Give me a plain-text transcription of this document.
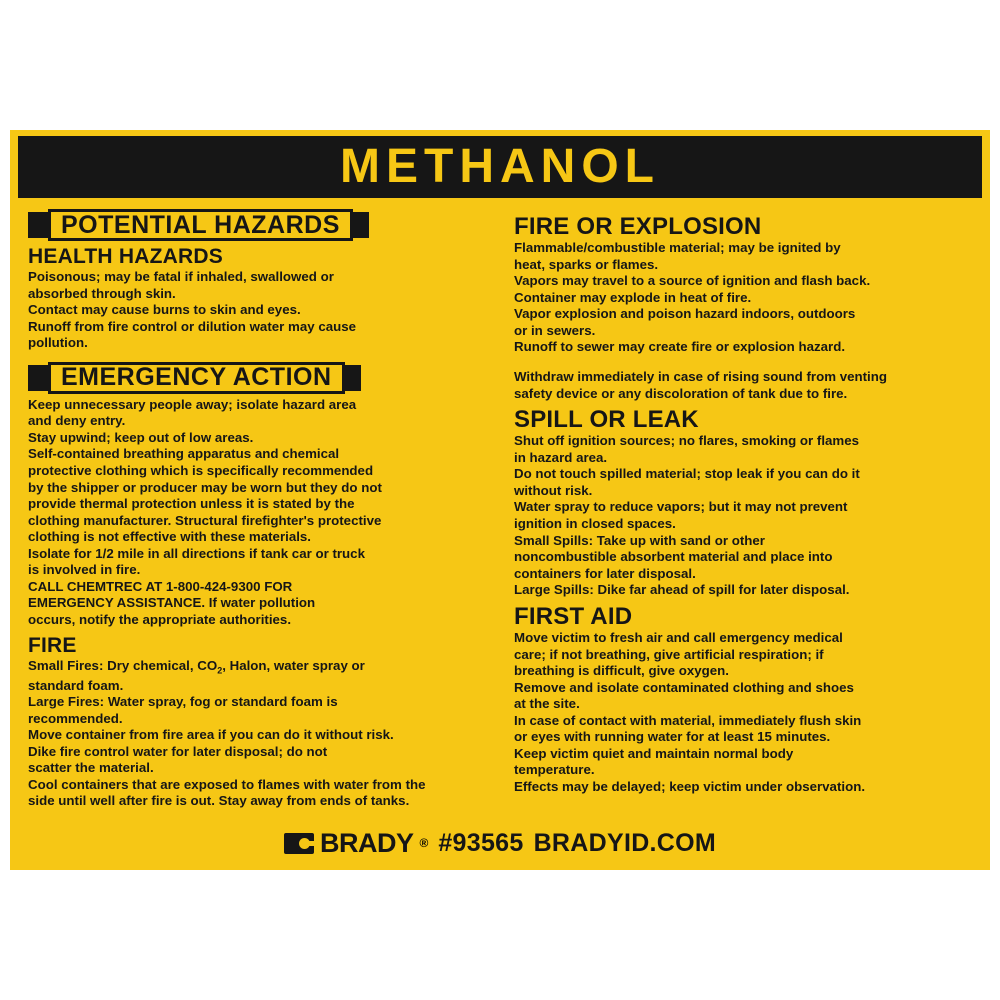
METHANOL
POTENTIAL HAZARDS
HEALTH HAZARDS

Poisonous; may be fatal if inhaled, swallowed or

absorbed through skin.

Contact may cause burns to skin and eyes.

Runoff from fire control or dilution water may cause

pollution.

EMERGENCY ACTION

Keep unnecessary people away; isolate hazard area

and deny entry.

Stay upwind; keep out of low areas.

Self-contained breathing apparatus and chemical

protective clothing which is specifically recommended

by the shipper or producer may be worn but they do not

provide thermal protection unless it is stated by the

clothing manufacturer. Structural firefighter's protective

clothing is not effective with these materials.

Isolate for 1/2 mile in all directions if tank car or truck

is involved in fire.

CALL CHEMTREC AT 1-800-424-9300 FOR

EMERGENCY ASSISTANCE. If water pollution

occurs, notify the appropriate authorities.

FIRE

Small Fires: Dry chemical, $CO_2$, Halon, water spray or

standard foam.

Large Fires: Water spray, fog or standard foam is

recommended.

Move container from fire area if you can do it without risk.

Dike fire control water for later disposal; do not

scatter the material.

Cool containers that are exposed to flames with water from the

side until well after fire is out. Stay away from ends of tanks.

FIRE OR EXPLOSION

Flammable/combustible material; may be ignited by

heat, sparks or flames.

Vapors may travel to a source of ignition and flash back.

Container may explode in heat of fire.

Vapor explosion and poison hazard indoors, outdoors

or in sewers.

Runoff to sewer may create fire or explosion hazard.

Withdraw immediately in case of rising sound from venting

safety device or any discoloration of tank due to fire.

SPILL OR LEAK

Shut off ignition sources; no flares, smoking or flames

in hazard area.

Do not touch spilled material; stop leak if you can do it

without risk.

Water spray to reduce vapors; but it may not prevent

ignition in closed spaces.

Small Spills: Take up with sand or other

noncombustible absorbent material and place into

containers for later disposal.

Large Spills: Dike far ahead of spill for later disposal.

FIRST AID

Move victim to fresh air and call emergency medical

care; if not breathing, give artificial respiration; if

breathing is difficult, give oxygen.

Remove and isolate contaminated clothing and shoes

at the site.

In case of contact with material, immediately flush skin

or eyes with running water for at least 15 minutes.

Keep victim quiet and maintain normal body

temperature.

Effects may be delayed; keep victim under observation.

BRADY ® #93565 BRADYID.COM
